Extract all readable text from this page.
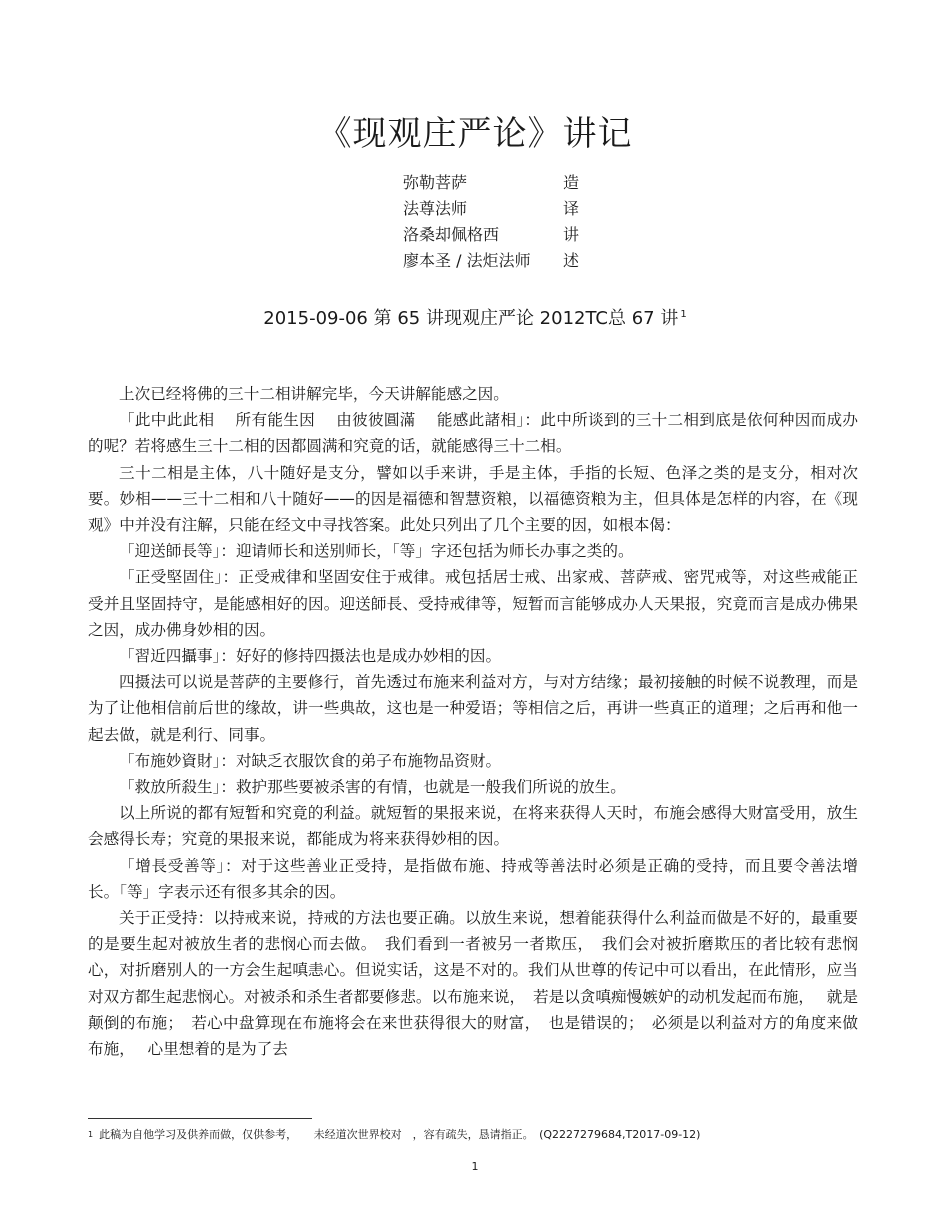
《现观庄严论》讲记
弥勒菩萨	造
法尊法师	译
洛桑却佩格西	讲
廖本圣 / 法炬法师 述
2015-09-06 第 65 讲现观庄严论 2012TC总 67 讲 $^1$

上次已经将佛的三十二相讲解完毕，今天讲解能感之因。

「此中此此相　 所有能生因　 由彼彼圓滿　 能感此諸相」：此中所谈到的三十二相到底是依何种因而成办的呢？若将感生三十二相的因都圆满和究竟的话，就能感得三十二相。

三十二相是主体，八十随好是支分，譬如以手来讲，手是主体，手指的长短、色泽之类的是支分，相对次要。妙相——三十二相和八十随好——的因是福德和智慧资粮，以福德资粮为主，但具体是怎样的内容，在《现观》中并没有注解，只能在经文中寻找答案。此处只列出了几个主要的因，如根本偈：

「迎送師長等」：迎请师长和送别师长，「等」字还包括为师长办事之类的。

「正受堅固住」：正受戒律和坚固安住于戒律。戒包括居士戒、出家戒、菩萨戒、密咒戒等，对这些戒能正受并且坚固持守，是能感相好的因。迎送師長、受持戒律等，短暂而言能够成办人天果报，究竟而言是成办佛果之因，成办佛身妙相的因。

「習近四攝事」：好好的修持四摄法也是成办妙相的因。

四摄法可以说是菩萨的主要修行，首先透过布施来利益对方，与对方结缘；最初接触的时候不说教理，而是为了让他相信前后世的缘故，讲一些典故，这也是一种爱语；等相信之后，再讲一些真正的道理；之后再和他一起去做，就是利行、同事。

「布施妙資財」：对缺乏衣服饮食的弟子布施物品资财。

「救放所殺生」：救护那些要被杀害的有情，也就是一般我们所说的放生。

以上所说的都有短暂和究竟的利益。就短暂的果报来说，在将来获得人天时，布施会感得大财富受用，放生会感得长寿；究竟的果报来说，都能成为将来获得妙相的因。

「增長受善等」：对于这些善业正受持，是指做布施、持戒等善法时必须是正确的受持，而且要令善法增长。「等」字表示还有很多其余的因。

关于正受持：以持戒来说，持戒的方法也要正确。以放生来说，想着能获得什么利益而做是不好的，最重要的是要生起对被放生者的悲悯心而去做。　我们看到一者被另一者欺压，　我们会对被折磨欺压的者比较有悲悯心，对折磨别人的一方会生起嗔恚心。但说实话，这是不对的。我们从世尊的传记中可以看出，在此情形，应当对双方都生起悲悯心。对被杀和杀生者都要修悲。以布施来说，　若是以贪嗔痴慢嫉妒的动机发起而布施，　 就是颠倒的布施；　若心中盘算现在布施将会在来世获得很大的财富，　也是错误的；　必须是以利益对方的角度来做布施，　 心里想着的是为了去

$^1$ 此稿为自他学习及供养而做，仅供参考，　　未经道次世界校对　，容有疏失，恳请指正。　(Q2227279684,T2017-09-12)
1
